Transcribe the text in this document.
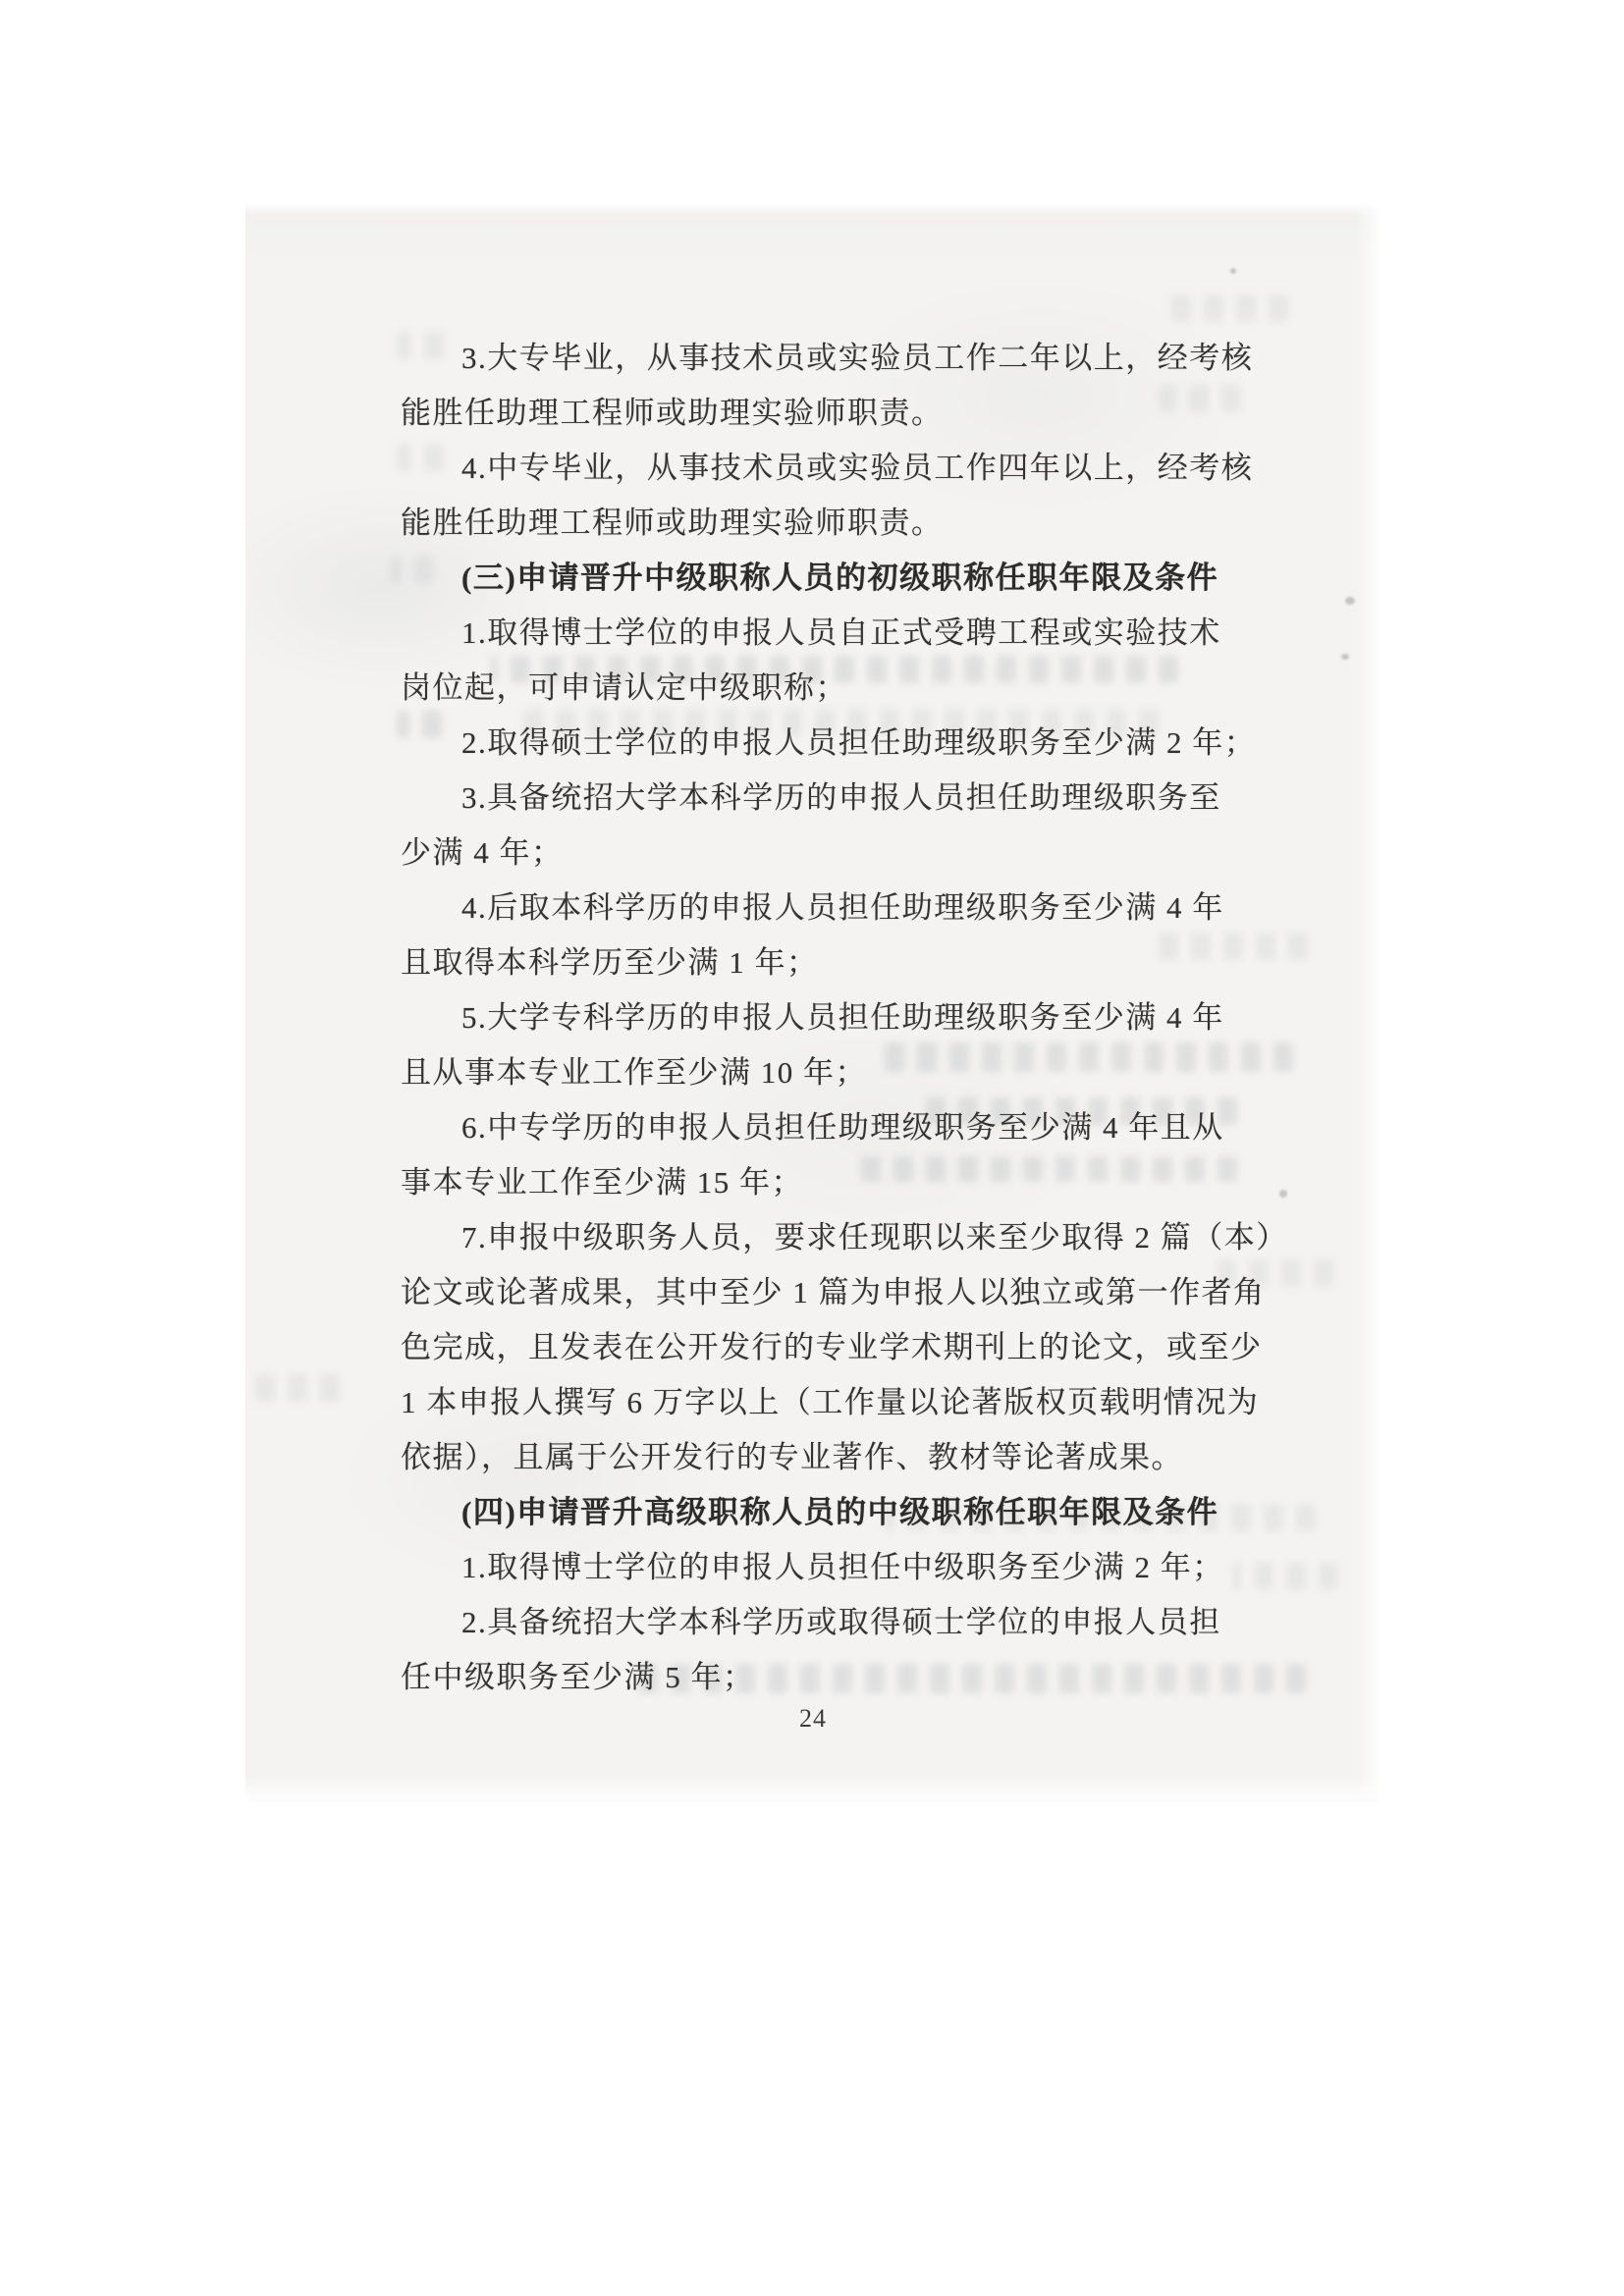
3.大专毕业，从事技术员或实验员工作二年以上，经考核
能胜任助理工程师或助理实验师职责。
4.中专毕业，从事技术员或实验员工作四年以上，经考核
能胜任助理工程师或助理实验师职责。
(三)申请晋升中级职称人员的初级职称任职年限及条件
1.取得博士学位的申报人员自正式受聘工程或实验技术
岗位起，可申请认定中级职称；
2.取得硕士学位的申报人员担任助理级职务至少满 2 年；
3.具备统招大学本科学历的申报人员担任助理级职务至
少满 4 年；
4.后取本科学历的申报人员担任助理级职务至少满 4 年
且取得本科学历至少满 1 年；
5.大学专科学历的申报人员担任助理级职务至少满 4 年
且从事本专业工作至少满 10 年；
6.中专学历的申报人员担任助理级职务至少满 4 年且从
事本专业工作至少满 15 年；
7.申报中级职务人员，要求任现职以来至少取得 2 篇（本）
论文或论著成果，其中至少 1 篇为申报人以独立或第一作者角
色完成，且发表在公开发行的专业学术期刊上的论文，或至少
1 本申报人撰写 6 万字以上（工作量以论著版权页载明情况为
依据），且属于公开发行的专业著作、教材等论著成果。
(四)申请晋升高级职称人员的中级职称任职年限及条件
1.取得博士学位的申报人员担任中级职务至少满 2 年；
2.具备统招大学本科学历或取得硕士学位的申报人员担
任中级职务至少满 5 年；
24
